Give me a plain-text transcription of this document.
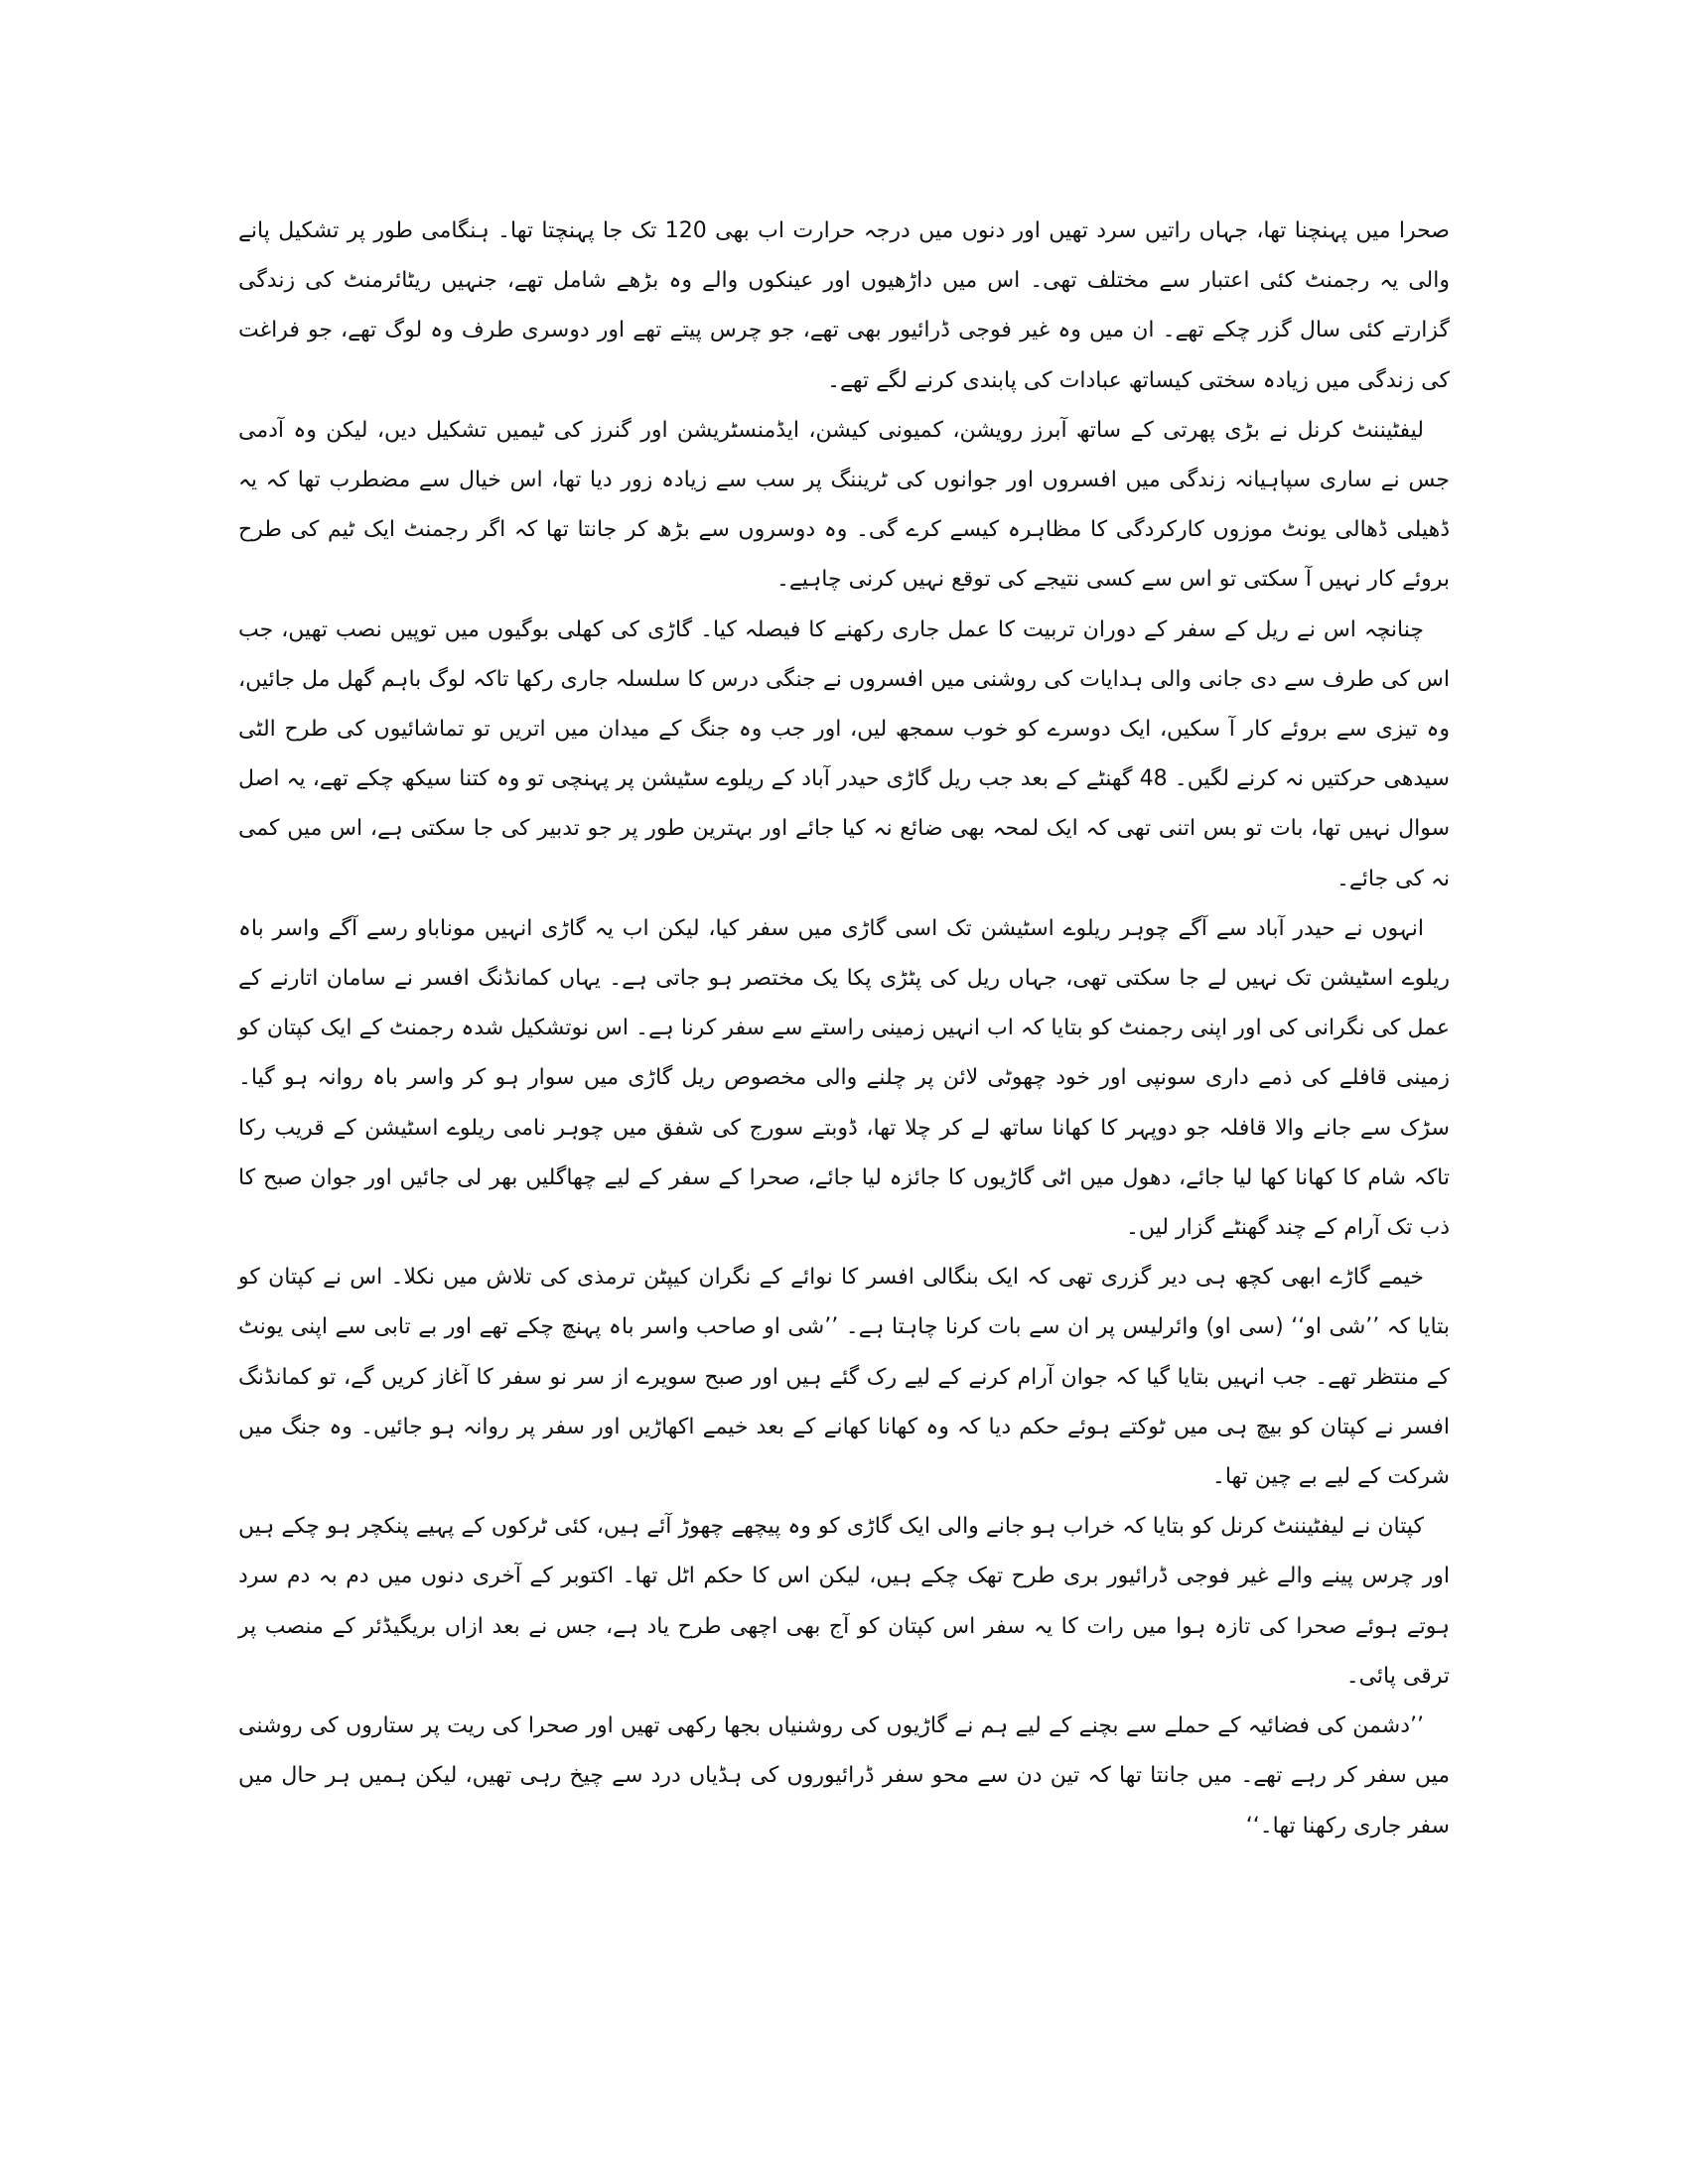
صحرا میں پہنچنا تھا، جہاں راتیں سرد تھیں اور دنوں میں درجہ حرارت اب بھی 120 تک جا پہنچتا تھا۔ ہنگامی طور پر تشکیل پانے والی یہ رجمنٹ کئی اعتبار سے مختلف تھی۔ اس میں داڑھیوں اور عینکوں والے وہ بڑھے شامل تھے، جنہیں ریٹائرمنٹ کی زندگی گزارتے کئی سال گزر چکے تھے۔ ان میں وہ غیر فوجی ڈرائیور بھی تھے، جو چرس پیتے تھے اور دوسری طرف وہ لوگ تھے، جو فراغت کی زندگی میں زیادہ سختی کیساتھ عبادات کی پابندی کرنے لگے تھے۔

لیفٹیننٹ کرنل نے بڑی پھرتی کے ساتھ آبرز رویشن، کمیونی کیشن، ایڈمنسٹریشن اور گنرز کی ٹیمیں تشکیل دیں، لیکن وہ آدمی جس نے ساری سپاہیانہ زندگی میں افسروں اور جوانوں کی ٹریننگ پر سب سے زیادہ زور دیا تھا، اس خیال سے مضطرب تھا کہ یہ ڈھیلی ڈھالی یونٹ موزوں کارکردگی کا مظاہرہ کیسے کرے گی۔ وہ دوسروں سے بڑھ کر جانتا تھا کہ اگر رجمنٹ ایک ٹیم کی طرح بروئے کار نہیں آ سکتی تو اس سے کسی نتیجے کی توقع نہیں کرنی چاہیے۔

چنانچہ اس نے ریل کے سفر کے دوران تربیت کا عمل جاری رکھنے کا فیصلہ کیا۔ گاڑی کی کھلی بوگیوں میں توپیں نصب تھیں، جب اس کی طرف سے دی جانی والی ہدایات کی روشنی میں افسروں نے جنگی درس کا سلسلہ جاری رکھا تاکہ لوگ باہم گھل مل جائیں، وہ تیزی سے بروئے کار آ سکیں، ایک دوسرے کو خوب سمجھ لیں، اور جب وہ جنگ کے میدان میں اتریں تو تماشائیوں کی طرح الٹی سیدھی حرکتیں نہ کرنے لگیں۔ 48 گھنٹے کے بعد جب ریل گاڑی حیدر آباد کے ریلوے سٹیشن پر پہنچی تو وہ کتنا سیکھ چکے تھے، یہ اصل سوال نہیں تھا، بات تو بس اتنی تھی کہ ایک لمحہ بھی ضائع نہ کیا جائے اور بہترین طور پر جو تدبیر کی جا سکتی ہے، اس میں کمی نہ کی جائے۔

انہوں نے حیدر آباد سے آگے چوہر ریلوے اسٹیشن تک اسی گاڑی میں سفر کیا، لیکن اب یہ گاڑی انہیں موناباو رسے آگے واسر باہ ریلوے اسٹیشن تک نہیں لے جا سکتی تھی، جہاں ریل کی پٹڑی پکا یک مختصر ہو جاتی ہے۔ یہاں کمانڈنگ افسر نے سامان اتارنے کے عمل کی نگرانی کی اور اپنی رجمنٹ کو بتایا کہ اب انہیں زمینی راستے سے سفر کرنا ہے۔ اس نوتشکیل شدہ رجمنٹ کے ایک کپتان کو زمینی قافلے کی ذمے داری سونپی اور خود چھوٹی لائن پر چلنے والی مخصوص ریل گاڑی میں سوار ہو کر واسر باہ روانہ ہو گیا۔ سڑک سے جانے والا قافلہ جو دوپہر کا کھانا ساتھ لے کر چلا تھا، ڈوبتے سورج کی شفق میں چوہر نامی ریلوے اسٹیشن کے قریب رکا تاکہ شام کا کھانا کھا لیا جائے، دھول میں اٹی گاڑیوں کا جائزہ لیا جائے، صحرا کے سفر کے لیے چھاگلیں بھر لی جائیں اور جوان صبح کا ذب تک آرام کے چند گھنٹے گزار لیں۔

خیمے گاڑے ابھی کچھ ہی دیر گزری تھی کہ ایک بنگالی افسر کا نوائے کے نگران کیپٹن ترمذی کی تلاش میں نکلا۔ اس نے کپتان کو بتایا کہ ’’شی او‘‘ (سی او) وائرلیس پر ان سے بات کرنا چاہتا ہے۔ ’’شی او صاحب واسر باہ پہنچ چکے تھے اور بے تابی سے اپنی یونٹ کے منتظر تھے۔ جب انہیں بتایا گیا کہ جوان آرام کرنے کے لیے رک گئے ہیں اور صبح سویرے از سر نو سفر کا آغاز کریں گے، تو کمانڈنگ افسر نے کپتان کو بیچ ہی میں ٹوکتے ہوئے حکم دیا کہ وہ کھانا کھانے کے بعد خیمے اکھاڑیں اور سفر پر روانہ ہو جائیں۔ وہ جنگ میں شرکت کے لیے بے چین تھا۔

کپتان نے لیفٹیننٹ کرنل کو بتایا کہ خراب ہو جانے والی ایک گاڑی کو وہ پیچھے چھوڑ آئے ہیں، کئی ٹرکوں کے پہیے پنکچر ہو چکے ہیں اور چرس پینے والے غیر فوجی ڈرائیور بری طرح تھک چکے ہیں، لیکن اس کا حکم اٹل تھا۔ اکتوبر کے آخری دنوں میں دم بہ دم سرد ہوتے ہوئے صحرا کی تازہ ہوا میں رات کا یہ سفر اس کپتان کو آج بھی اچھی طرح یاد ہے، جس نے بعد ازاں بریگیڈئر کے منصب پر ترقی پائی۔

’’دشمن کی فضائیہ کے حملے سے بچنے کے لیے ہم نے گاڑیوں کی روشنیاں بجھا رکھی تھیں اور صحرا کی ریت پر ستاروں کی روشنی میں سفر کر رہے تھے۔ میں جانتا تھا کہ تین دن سے محو سفر ڈرائیوروں کی ہڈیاں درد سے چیخ رہی تھیں، لیکن ہمیں ہر حال میں سفر جاری رکھنا تھا۔‘‘
